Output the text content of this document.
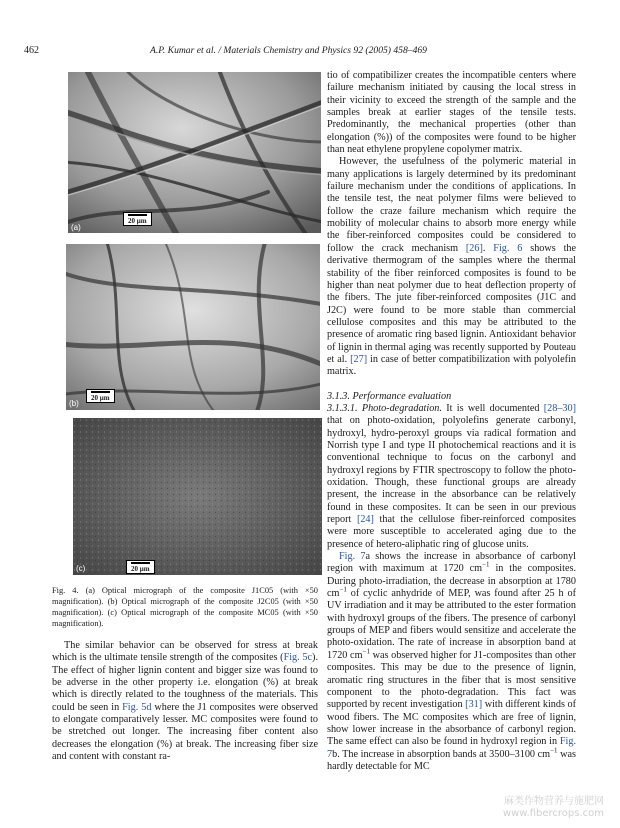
462	A.P. Kumar et al. / Materials Chemistry and Physics 92 (2005) 458–469
20 μm
(a)
20 μm
(b)
20 μm
(c)
Fig. 4. (a) Optical micrograph of the composite J1C05 (with ×50 magnification). (b) Optical micrograph of the composite J2C05 (with ×50 magnification). (c) Optical micrograph of the composite MC05 (with ×50 magnification).

The similar behavior can be observed for stress at break which is the ultimate tensile strength of the composites (Fig. 5c). The effect of higher lignin content and bigger size was found to be adverse in the other property i.e. elongation (%) at break which is directly related to the toughness of the materials. This could be seen in Fig. 5d where the J1 composites were observed to elongate comparatively lesser. MC composites were found to be stretched out longer. The increasing fiber content also decreases the elongation (%) at break. The increasing fiber size and content with constant ra-

tio of compatibilizer creates the incompatible centers where failure mechanism initiated by causing the local stress in their vicinity to exceed the strength of the sample and the samples break at earlier stages of the tensile tests. Predominantly, the mechanical properties (other than elongation (%)) of the composites were found to be higher than neat ethylene propylene copolymer matrix.

However, the usefulness of the polymeric material in many applications is largely determined by its predominant failure mechanism under the conditions of applications. In the tensile test, the neat polymer films were believed to follow the craze failure mechanism which require the mobility of molecular chains to absorb more energy while the fiber-reinforced composites could be considered to follow the crack mechanism [26]. Fig. 6 shows the derivative thermogram of the samples where the thermal stability of the fiber reinforced composites is found to be higher than neat polymer due to heat deflection property of the fibers. The jute fiber-reinforced composites (J1C and J2C) were found to be more stable than commercial cellulose composites and this may be attributed to the presence of aromatic ring based lignin. Antioxidant behavior of lignin in thermal aging was recently supported by Pouteau et al. [27] in case of better compatibilization with polyolefin matrix.

3.1.3. Performance evaluation

3.1.3.1. Photo-degradation. It is well documented [28–30] that on photo-oxidation, polyolefins generate carbonyl, hydroxyl, hydro-peroxyl groups via radical formation and Norrish type I and type II photochemical reactions and it is conventional technique to focus on the carbonyl and hydroxyl regions by FTIR spectroscopy to follow the photo-oxidation. Though, these functional groups are already present, the increase in the absorbance can be relatively found in these composites. It can be seen in our previous report [24] that the cellulose fiber-reinforced composites were more susceptible to accelerated aging due to the presence of hetero-aliphatic ring of glucose units.

Fig. 7a shows the increase in absorbance of carbonyl region with maximum at 1720 $cm^{-1}$ in the composites. During photo-irradiation, the decrease in absorption at 1780 $cm^{-1}$ of cyclic anhydride of MEP, was found after 25 h of UV irradiation and it may be attributed to the ester formation with hydroxyl groups of the fibers. The presence of carbonyl groups of MEP and fibers would sensitize and accelerate the photo-oxidation. The rate of increase in absorption band at 1720 $cm^{-1}$ was observed higher for J1-composites than other composites. This may be due to the presence of lignin, aromatic ring structures in the fiber that is most sensitive component to the photo-degradation. This fact was supported by recent investigation [31] with different kinds of wood fibers. The MC composites which are free of lignin, show lower increase in the absorbance of carbonyl region. The same effect can also be found in hydroxyl region in Fig. 7b. The increase in absorption bands at 3500–3100 $cm^{-1}$ was hardly detectable for MC

麻类作物营养与施肥网
www.fibercrops.com
